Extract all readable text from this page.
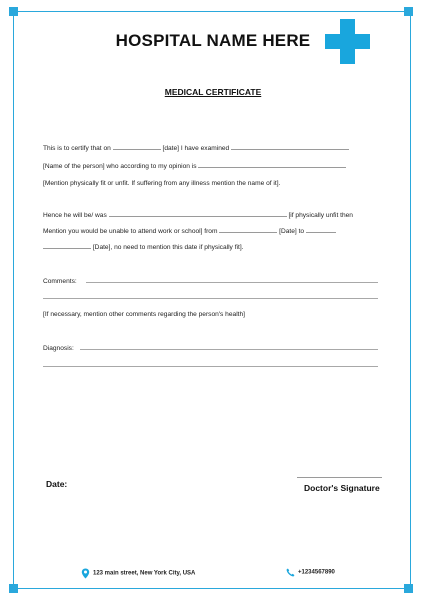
HOSPITAL NAME HERE
MEDICAL CERTIFICATE
This is to certify that on	[date] I have examined
[Name of the person] who according to my opinion is
[Mention physically fit or unfit. If suffering from any illness mention the name of it].
Hence he will be/ was	[if physically unfit then
Mention you would be unable to attend work or school] from	[Date] to
[Date], no need to mention this date if physically fit].
Comments:
[If necessary, mention other comments regarding the person's health]
Diagnosis:
Date:	Doctor's Signature
123 main street, New York City, USA	+1234567890
